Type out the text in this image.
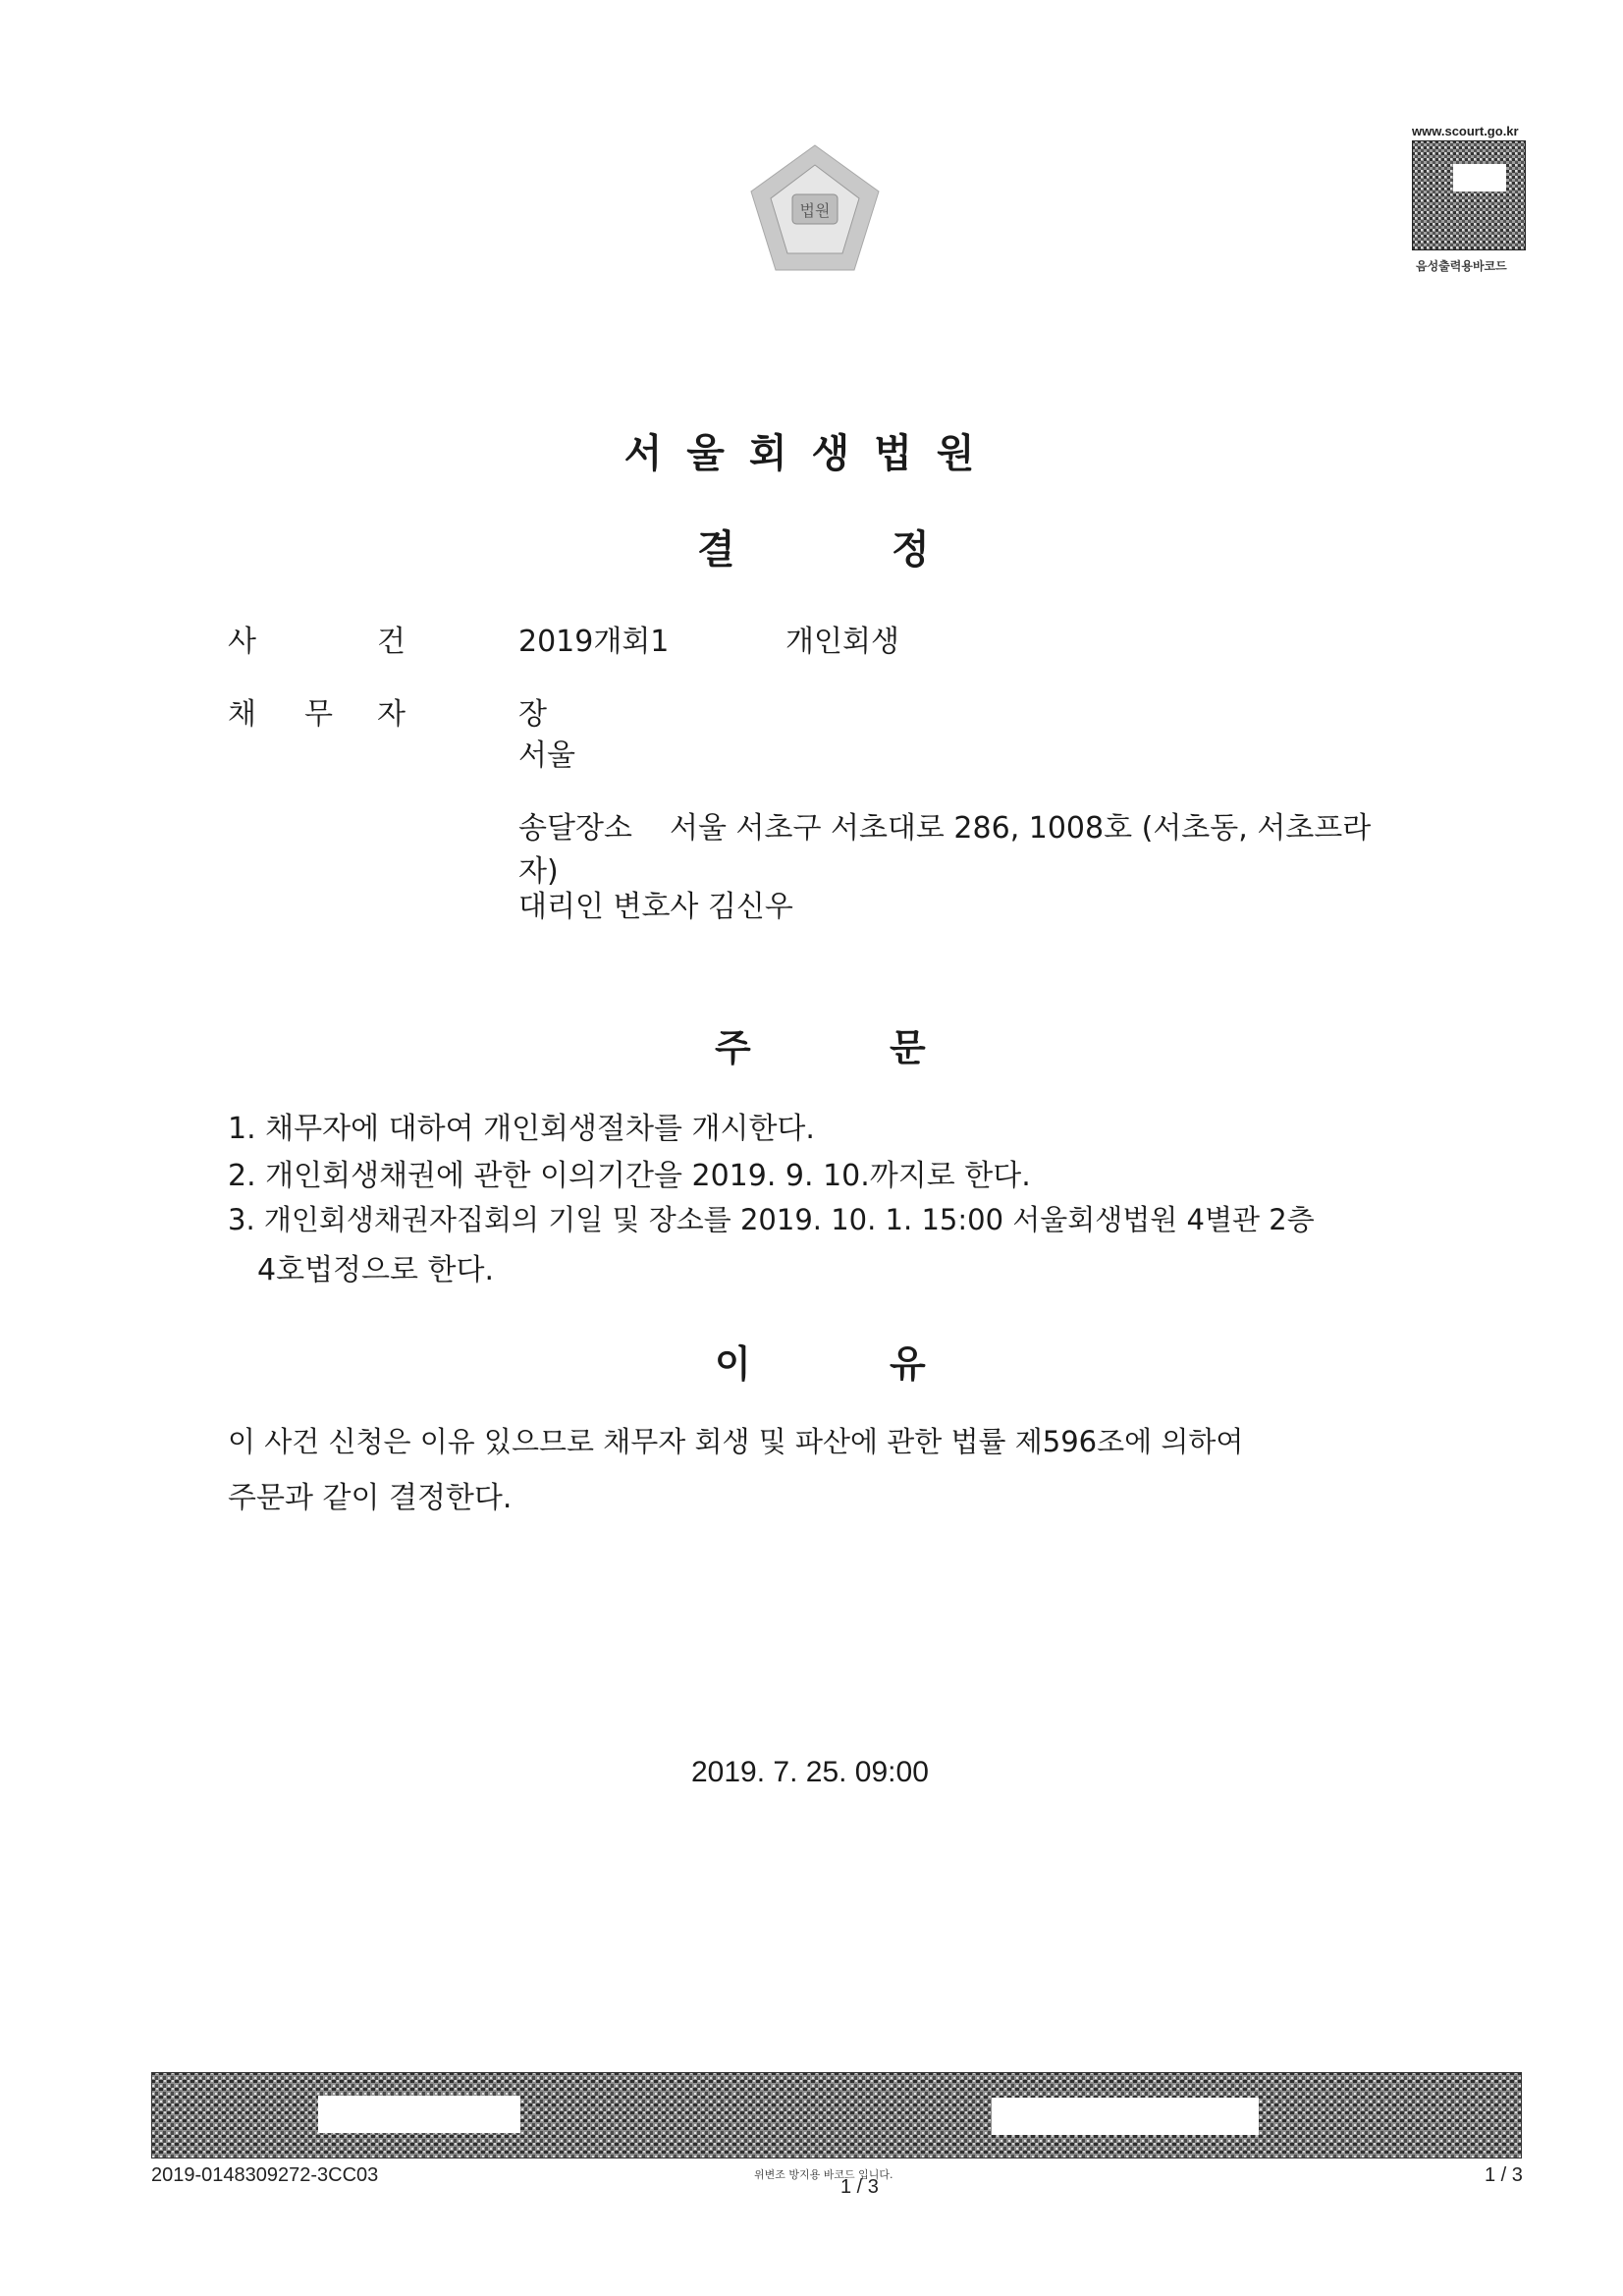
법원
www.scourt.go.kr
음성출력용바코드
서울회생법원
결	정
사	건	2019개회1	개인회생
채 무 자	장
서울
송달장소 서울 서초구 서초대로 286, 1008호 (서초동, 서초프라
자)
대리인 변호사 김신우
주	문
1. 채무자에 대하여 개인회생절차를 개시한다.
2. 개인회생채권에 관한 이의기간을 2019. 9. 10.까지로 한다.
3. 개인회생채권자집회의 기일 및 장소를 2019. 10. 1. 15:00 서울회생법원 4별관 2층
4호법정으로 한다.
이	유
이 사건 신청은 이유 있으므로 채무자 회생 및 파산에 관한 법률 제596조에 의하여
주문과 같이 결정한다.
2019. 7. 25. 09:00
2019-0148309272-3CC03	위변조 방지용 바코드 입니다.
1 / 3
1 / 3
